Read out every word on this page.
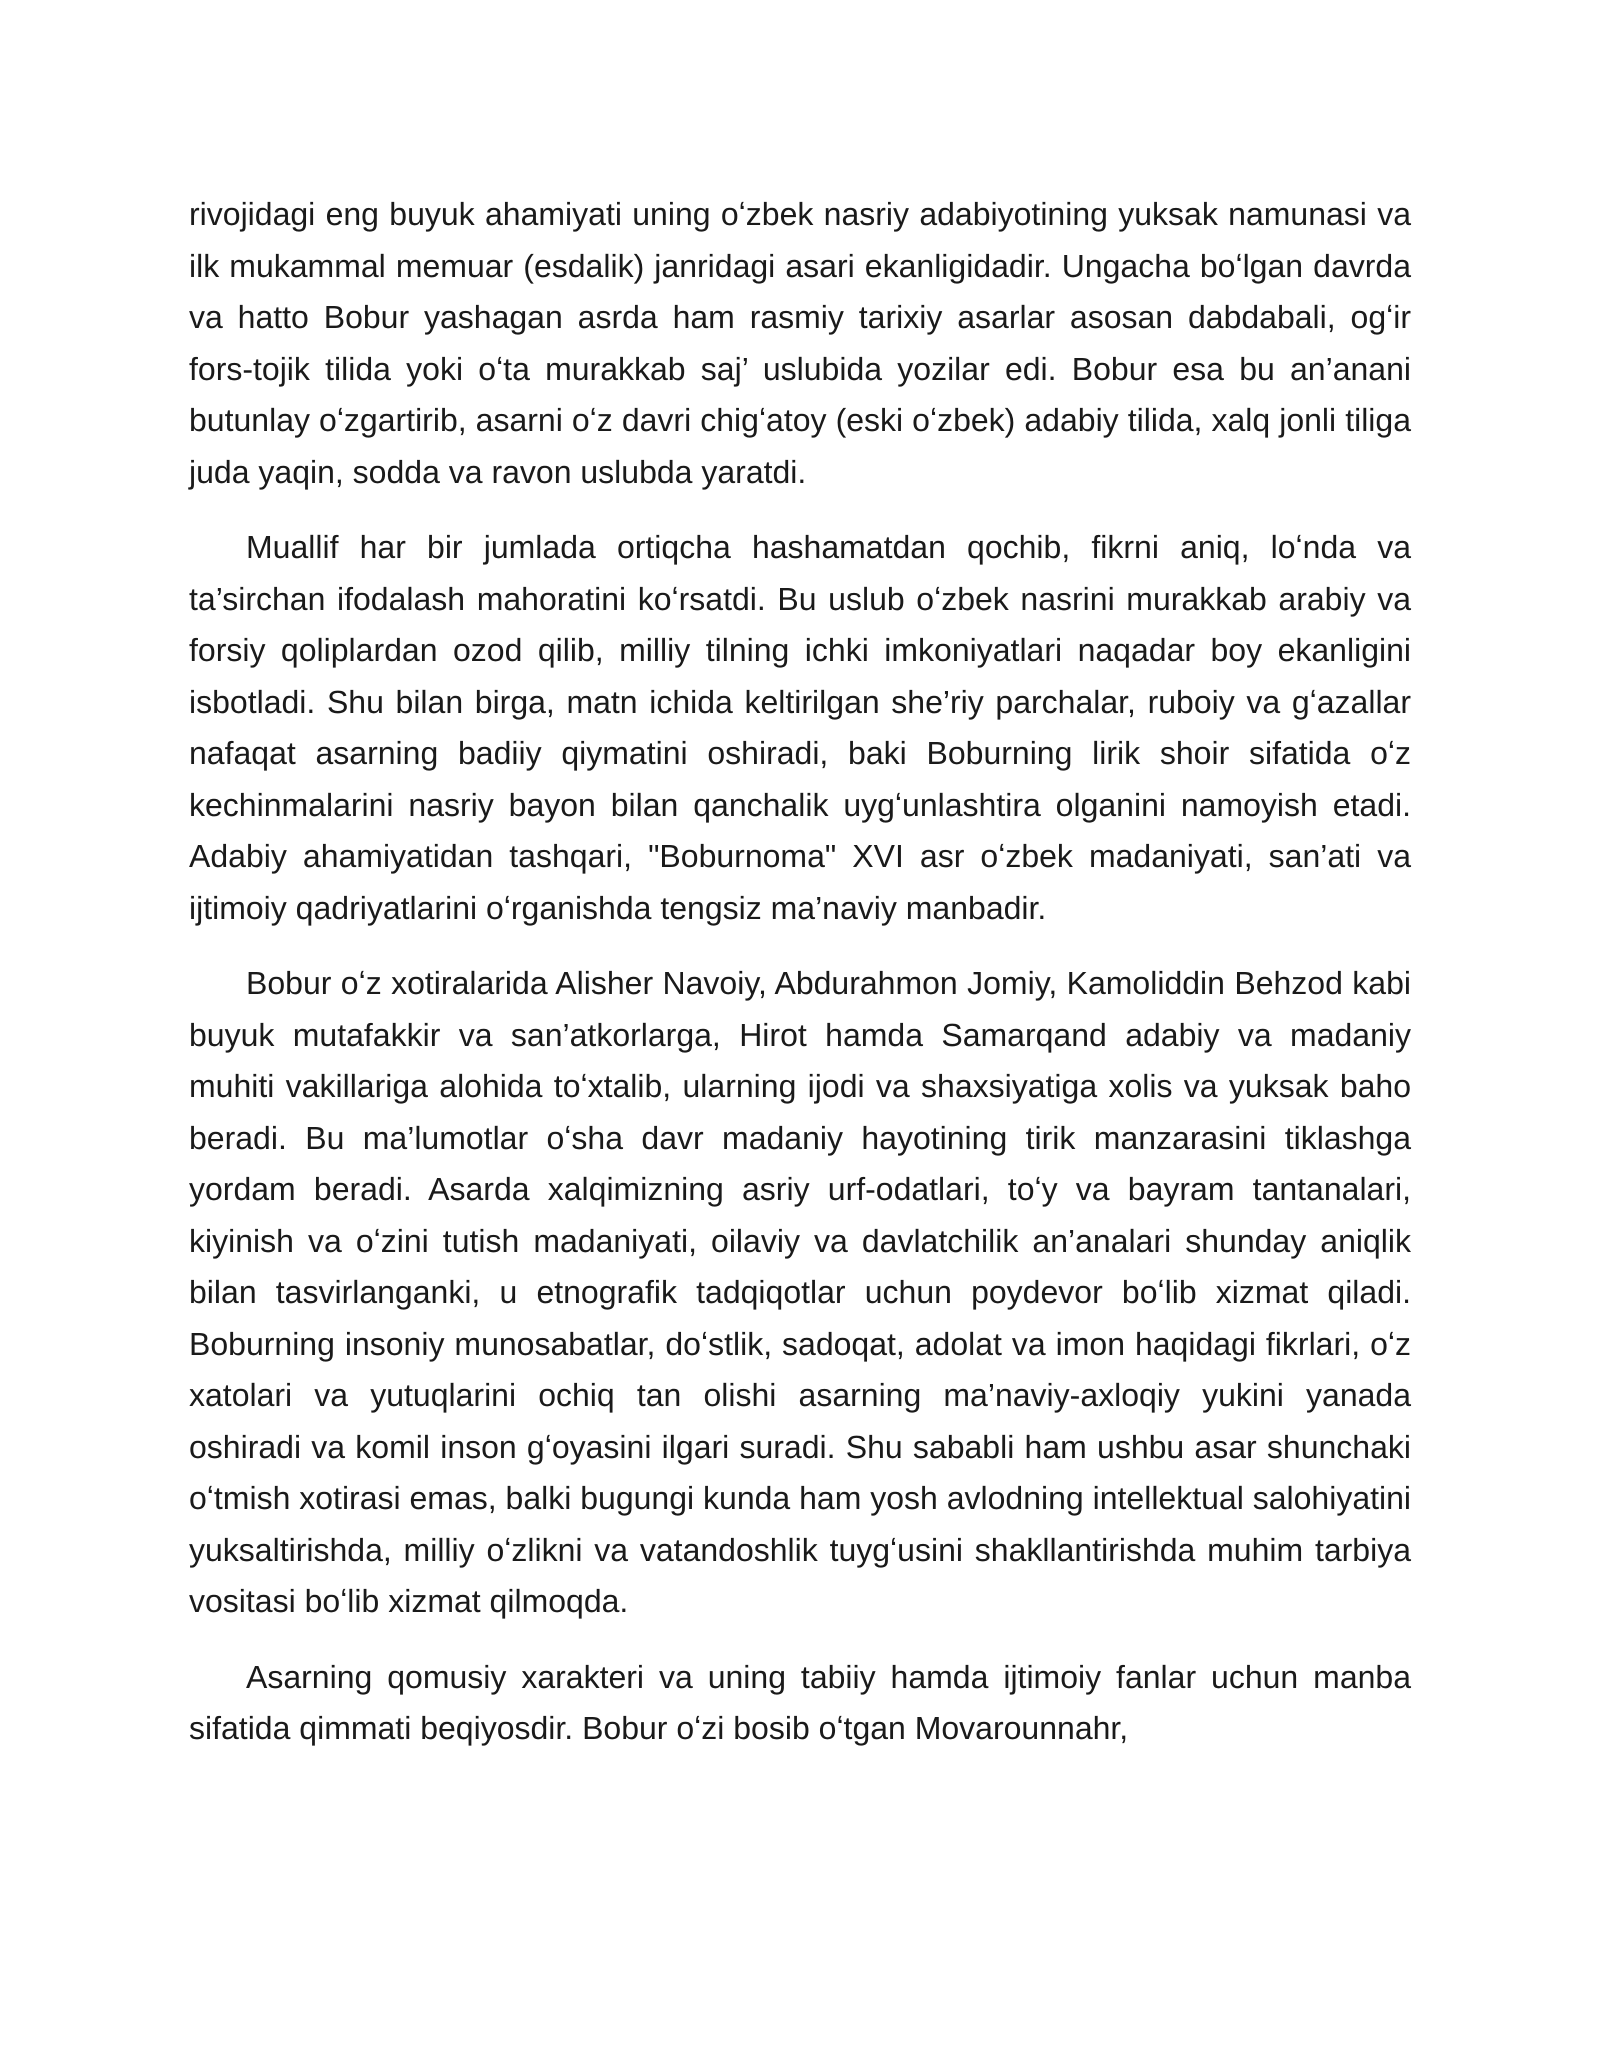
rivojidagi eng buyuk ahamiyati uning oʻzbek nasriy adabiyotining yuksak namunasi va ilk mukammal memuar (esdalik) janridagi asari ekanligidadir. Ungacha boʻlgan davrda va hatto Bobur yashagan asrda ham rasmiy tarixiy asarlar asosan dabdabali, ogʻir fors-tojik tilida yoki oʻta murakkab saj’ uslubida yozilar edi. Bobur esa bu an’anani butunlay oʻzgartirib, asarni oʻz davri chigʻatoy (eski oʻzbek) adabiy tilida, xalq jonli tiliga juda yaqin, sodda va ravon uslubda yaratdi.

Muallif har bir jumlada ortiqcha hashamatdan qochib, fikrni aniq, loʻnda va ta’sirchan ifodalash mahoratini koʻrsatdi. Bu uslub oʻzbek nasrini murakkab arabiy va forsiy qoliplardan ozod qilib, milliy tilning ichki imkoniyatlari naqadar boy ekanligini isbotladi. Shu bilan birga, matn ichida keltirilgan she’riy parchalar, ruboiy va gʻazallar nafaqat asarning badiiy qiymatini oshiradi, baki Boburning lirik shoir sifatida oʻz kechinmalarini nasriy bayon bilan qanchalik uygʻunlashtira olganini namoyish etadi. Adabiy ahamiyatidan tashqari, "Boburnoma" XVI asr oʻzbek madaniyati, san’ati va ijtimoiy qadriyatlarini oʻrganishda tengsiz ma’naviy manbadir.

Bobur oʻz xotiralarida Alisher Navoiy, Abdurahmon Jomiy, Kamoliddin Behzod kabi buyuk mutafakkir va san’atkorlarga, Hirot hamda Samarqand adabiy va madaniy muhiti vakillariga alohida toʻxtalib, ularning ijodi va shaxsiyatiga xolis va yuksak baho beradi. Bu ma’lumotlar oʻsha davr madaniy hayotining tirik manzarasini tiklashga yordam beradi. Asarda xalqimizning asriy urf-odatlari, toʻy va bayram tantanalari, kiyinish va oʻzini tutish madaniyati, oilaviy va davlatchilik an’analari shunday aniqlik bilan tasvirlanganki, u etnografik tadqiqotlar uchun poydevor boʻlib xizmat qiladi. Boburning insoniy munosabatlar, doʻstlik, sadoqat, adolat va imon haqidagi fikrlari, oʻz xatolari va yutuqlarini ochiq tan olishi asarning ma’naviy-axloqiy yukini yanada oshiradi va komil inson gʻoyasini ilgari suradi. Shu sababli ham ushbu asar shunchaki oʻtmish xotirasi emas, balki bugungi kunda ham yosh avlodning intellektual salohiyatini yuksaltirishda, milliy oʻzlikni va vatandoshlik tuygʻusini shakllantirishda muhim tarbiya vositasi boʻlib xizmat qilmoqda.

Asarning qomusiy xarakteri va uning tabiiy hamda ijtimoiy fanlar uchun manba sifatida qimmati beqiyosdir. Bobur oʻzi bosib oʻtgan Movarounnahr,
